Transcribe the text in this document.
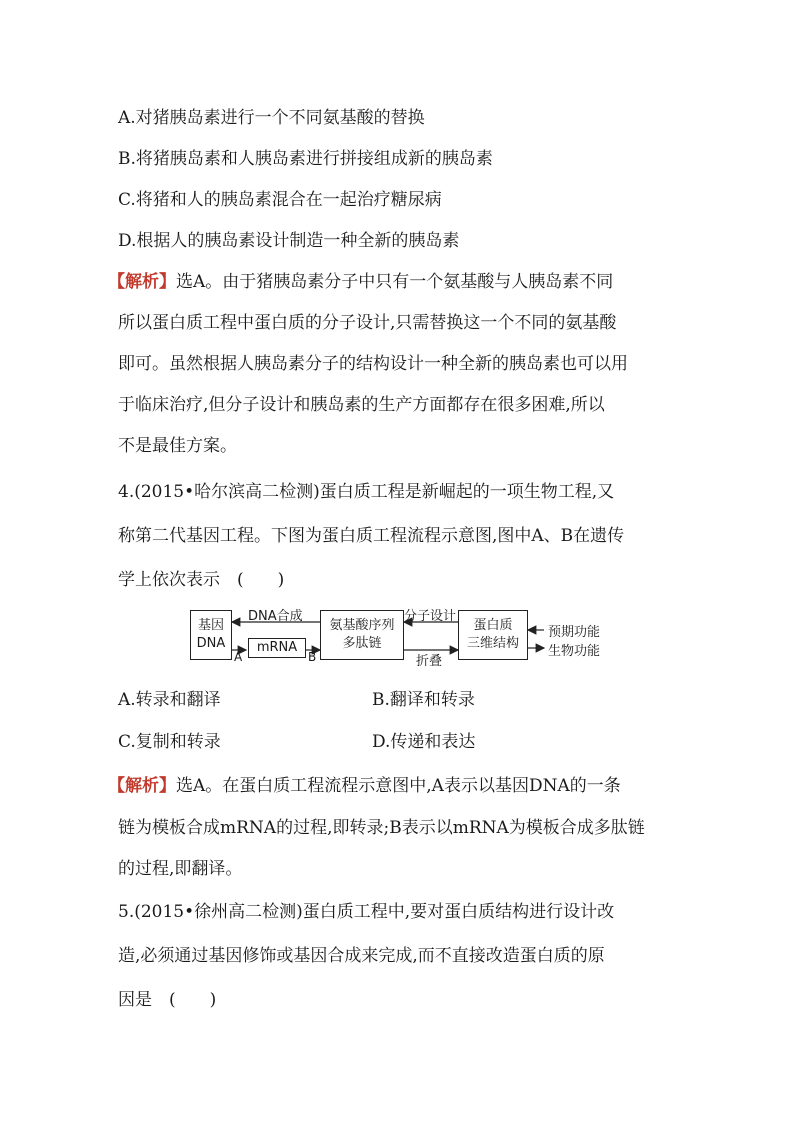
A.对猪胰岛素进行一个不同氨基酸的替换
B.将猪胰岛素和人胰岛素进行拼接组成新的胰岛素
C.将猪和人的胰岛素混合在一起治疗糖尿病
D.根据人的胰岛素设计制造一种全新的胰岛素
【解析】选A。由于猪胰岛素分子中只有一个氨基酸与人胰岛素不同
所以蛋白质工程中蛋白质的分子设计,只需替换这一个不同的氨基酸
即可。虽然根据人胰岛素分子的结构设计一种全新的胰岛素也可以用
于临床治疗,但分子设计和胰岛素的生产方面都存在很多困难,所以
不是最佳方案。
4.(2015•哈尔滨高二检测)蛋白质工程是新崛起的一项生物工程,又
称第二代基因工程。下图为蛋白质工程流程示意图,图中A、B在遗传
学上依次表示　(　　)
基因
DNA	mRNA
氨基酸序列
多肽链
蛋白质
三维结构
DNA合成
A	B
分子设计
折叠
预期功能
生物功能
A.转录和翻译	B.翻译和转录
C.复制和转录	D.传递和表达
【解析】选A。在蛋白质工程流程示意图中,A表示以基因DNA的一条
链为模板合成mRNA的过程,即转录;B表示以mRNA为模板合成多肽链
的过程,即翻译。
5.(2015•徐州高二检测)蛋白质工程中,要对蛋白质结构进行设计改
造,必须通过基因修饰或基因合成来完成,而不直接改造蛋白质的原
因是　(　　)
